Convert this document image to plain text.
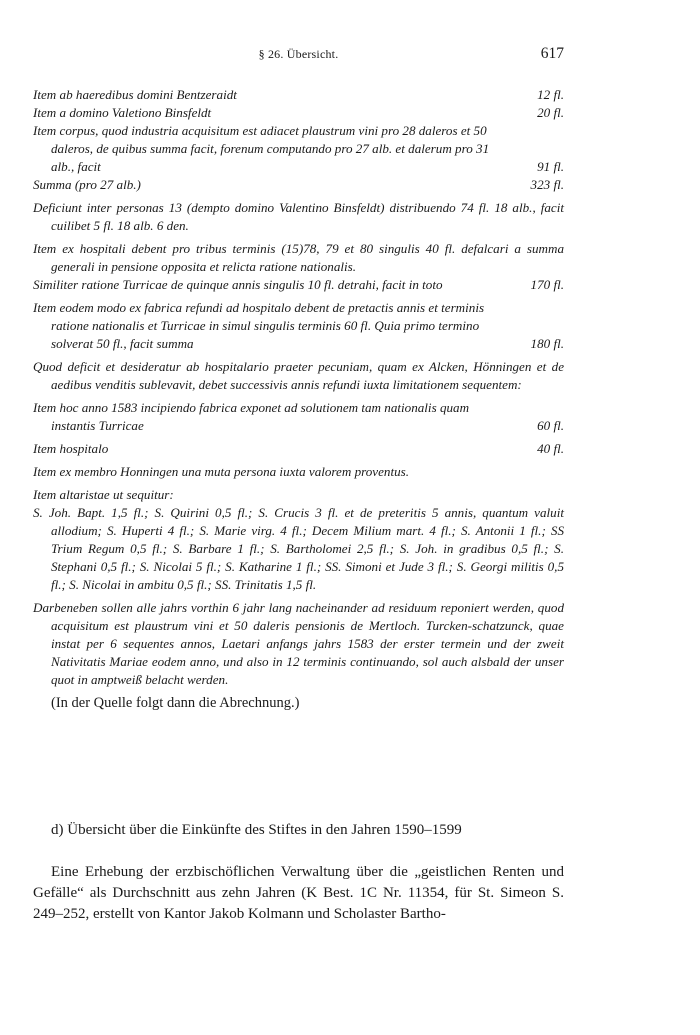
§ 26. Übersicht.	617
Item ab haeredibus domini Bentzeraidt	12 fl.
Item a domino Valetiono Binsfeldt	20 fl.
Item corpus, quod industria acquisitum est adiacet plaustrum vini pro 28 daleros et 50 daleros, de quibus summa facit, forenum computando pro 27 alb. et dalerum pro 31 alb., facit	91 fl.
Summa (pro 27 alb.)	323 fl.
Deficiunt inter personas 13 (dempto domino Valentino Binsfeldt) distribuendo 74 fl. 18 alb., facit cuilibet 5 fl. 18 alb. 6 den.
Item ex hospitali debent pro tribus terminis (15)78, 79 et 80 singulis 40 fl. defalcari a summa generali in pensione opposita et relicta ratione nationalis.
Similiter ratione Turricae de quinque annis singulis 10 fl. detrahi, facit in toto	170 fl.
Item eodem modo ex fabrica refundi ad hospitalo debent de pretactis annis et terminis ratione nationalis et Turricae in simul singulis terminis 60 fl. Quia primo termino solverat 50 fl., facit summa	180 fl.
Quod deficit et desideratur ab hospitalario praeter pecuniam, quam ex Alcken, Hönningen et de aedibus venditis sublevavit, debet successivis annis refundi iuxta limitationem sequentem:
Item hoc anno 1583 incipiendo fabrica exponet ad solutionem tam nationalis quam instantis Turricae	60 fl.
Item hospitalo	40 fl.
Item ex membro Honningen una muta persona iuxta valorem proventus.
Item altaristae ut sequitur:
S. Joh. Bapt. 1,5 fl.; S. Quirini 0,5 fl.; S. Crucis 3 fl. et de preteritis 5 annis, quantum valuit allodium; S. Huperti 4 fl.; S. Marie virg. 4 fl.; Decem Milium mart. 4 fl.; S. Antonii 1 fl.; SS Trium Regum 0,5 fl.; S. Barbare 1 fl.; S. Bartholomei 2,5 fl.; S. Joh. in gradibus 0,5 fl.; S. Stephani 0,5 fl.; S. Nicolai 5 fl.; S. Katharine 1 fl.; SS. Simoni et Jude 3 fl.; S. Georgi militis 0,5 fl.; S. Nicolai in ambitu 0,5 fl.; SS. Trinitatis 1,5 fl.
Darbeneben sollen alle jahrs vorthin 6 jahr lang nacheinander ad residuum reponiert werden, quod acquisitum est plaustrum vini et 50 daleris pensionis de Mertloch. Turcken-schatzunck, quae instat per 6 sequentes annos, Laetari anfangs jahrs 1583 der erster termein und der zweit Nativitatis Mariae eodem anno, und also in 12 terminis continuando, sol auch alsbald der unser quot in amptweiß belacht werden.
(In der Quelle folgt dann die Abrechnung.)
d) Übersicht über die Einkünfte des Stiftes in den Jahren 1590–1599
Eine Erhebung der erzbischöflichen Verwaltung über die „geistlichen Renten und Gefälle“ als Durchschnitt aus zehn Jahren (K Best. 1C Nr. 11354, für St. Simeon S. 249–252, erstellt von Kantor Jakob Kolmann und Scholaster Bartho-
